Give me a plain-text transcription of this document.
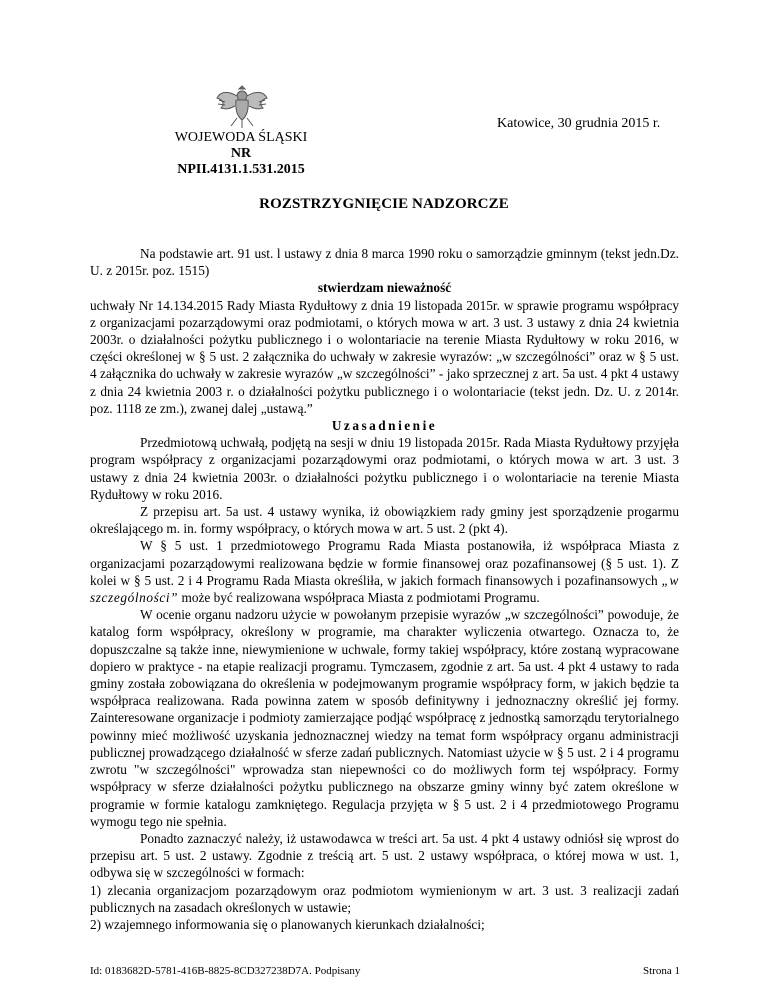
Katowice, 30 grudnia 2015 r.
WOJEWODA ŚLĄSKI
NR NPII.4131.1.531.2015
ROZSTRZYGNIĘCIE NADZORCZE

Na podstawie art. 91 ust. l ustawy z dnia 8 marca 1990 roku o samorządzie gminnym (tekst jedn.Dz. U. z 2015r. poz. 1515)

stwierdzam nieważność

uchwały Nr 14.134.2015 Rady Miasta Rydułtowy z dnia 19 listopada 2015r. w sprawie programu współpracy z organizacjami pozarządowymi oraz podmiotami, o których mowa w art. 3 ust. 3 ustawy z dnia 24 kwietnia 2003r. o działalności pożytku publicznego i o wolontariacie na terenie Miasta Rydułtowy w roku 2016, w części określonej w § 5 ust. 2 załącznika do uchwały w zakresie wyrazów: „w szczególności” oraz w § 5 ust. 4 załącznika do uchwały w zakresie wyrazów „w szczególności” - jako sprzecznej z art. 5a ust. 4 pkt 4 ustawy z dnia 24 kwietnia 2003 r. o działalności pożytku publicznego i o wolontariacie (tekst jedn. Dz. U. z 2014r. poz. 1118 ze zm.), zwanej dalej „ustawą.”

Uzasadnienie

Przedmiotową uchwałą, podjętą na sesji w dniu 19 listopada 2015r. Rada Miasta Rydułtowy przyjęła program współpracy z organizacjami pozarządowymi oraz podmiotami, o których mowa w art. 3 ust. 3 ustawy z dnia 24 kwietnia 2003r. o działalności pożytku publicznego i o wolontariacie na terenie Miasta Rydułtowy w roku 2016.

Z przepisu art. 5a ust. 4 ustawy wynika, iż obowiązkiem rady gminy jest sporządzenie progarmu określającego m. in. formy współpracy, o których mowa w art. 5 ust. 2 (pkt 4).

W § 5 ust. 1 przedmiotowego Programu Rada Miasta postanowiła, iż współpraca Miasta z organizacjami pozarządowymi realizowana będzie w formie finansowej oraz pozafinansowej (§ 5 ust. 1). Z kolei w § 5 ust. 2 i 4 Programu Rada Miasta określiła, w jakich formach finansowych i pozafinansowych „w szczególności” może być realizowana współpraca Miasta z podmiotami Programu.

W ocenie organu nadzoru użycie w powołanym przepisie wyrazów „w szczególności” powoduje, że katalog form współpracy, określony w programie, ma charakter wyliczenia otwartego. Oznacza to, że dopuszczalne są także inne, niewymienione w uchwale, formy takiej współpracy, które zostaną wypracowane dopiero w praktyce - na etapie realizacji programu. Tymczasem, zgodnie z art. 5a ust. 4 pkt 4 ustawy to rada gminy została zobowiązana do określenia w podejmowanym programie współpracy form, w jakich będzie ta współpraca realizowana. Rada powinna zatem w sposób definitywny i jednoznaczny określić jej formy. Zainteresowane organizacje i podmioty zamierzające podjąć współpracę z jednostką samorządu terytorialnego powinny mieć możliwość uzyskania jednoznacznej wiedzy na temat form współpracy organu administracji publicznej prowadzącego działalność w sferze zadań publicznych. Natomiast użycie w § 5 ust. 2 i 4 programu zwrotu "w szczególności" wprowadza stan niepewności co do możliwych form tej współpracy. Formy współpracy w sferze działalności pożytku publicznego na obszarze gminy winny być zatem określone w programie w formie katalogu zamkniętego. Regulacja przyjęta w § 5 ust. 2 i 4 przedmiotowego Programu wymogu tego nie spełnia.

Ponadto zaznaczyć należy, iż ustawodawca w treści art. 5a ust. 4 pkt 4 ustawy odniósł się wprost do przepisu art. 5 ust. 2 ustawy. Zgodnie z treścią art. 5 ust. 2 ustawy współpraca, o której mowa w ust. 1, odbywa się w szczególności w formach:

1) zlecania organizacjom pozarządowym oraz podmiotom wymienionym w art. 3 ust. 3 realizacji zadań publicznych na zasadach określonych w ustawie;

2) wzajemnego informowania się o planowanych kierunkach działalności;

Id: 0183682D-5781-416B-8825-8CD327238D7A. Podpisany	Strona 1
